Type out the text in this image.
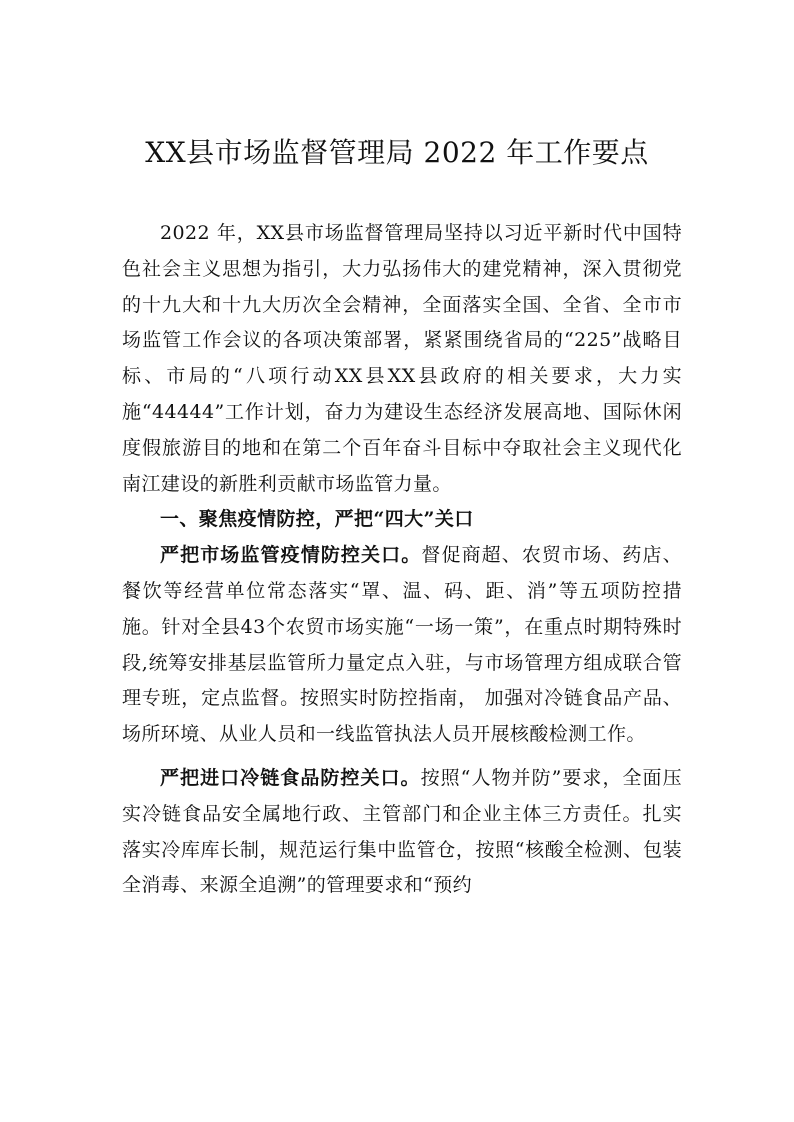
XX县市场监督管理局 2022 年工作要点

2022 年，XX县市场监督管理局坚持以习近平新时代中国特色社会主义思想为指引，大力弘扬伟大的建党精神，深入贯彻党的十九大和十九大历次全会精神，全面落实全国、全省、全市市场监管工作会议的各项决策部署，紧紧围绕省局的“225”战略目标、市局的“八项行动XX县XX县政府的相关要求，大力实施“44444”工作计划，奋力为建设生态经济发展高地、国际休闲度假旅游目的地和在第二个百年奋斗目标中夺取社会主义现代化南江建设的新胜利贡献市场监管力量。

一、聚焦疫情防控，严把“四大”关口

严把市场监管疫情防控关口。督促商超、农贸市场、药店、餐饮等经营单位常态落实“罩、温、码、距、消”等五项防控措施。针对全县43个农贸市场实施“一场一策”，在重点时期特殊时段,统筹安排基层监管所力量定点入驻，与市场管理方组成联合管理专班，定点监督。按照实时防控指南， 加强对冷链食品产品、场所环境、从业人员和一线监管执法人员开展核酸检测工作。

严把进口冷链食品防控关口。按照“人物并防”要求，全面压实冷链食品安全属地行政、主管部门和企业主体三方责任。扎实落实冷库库长制，规范运行集中监管仓，按照“核酸全检测、包装全消毒、来源全追溯”的管理要求和“预约
